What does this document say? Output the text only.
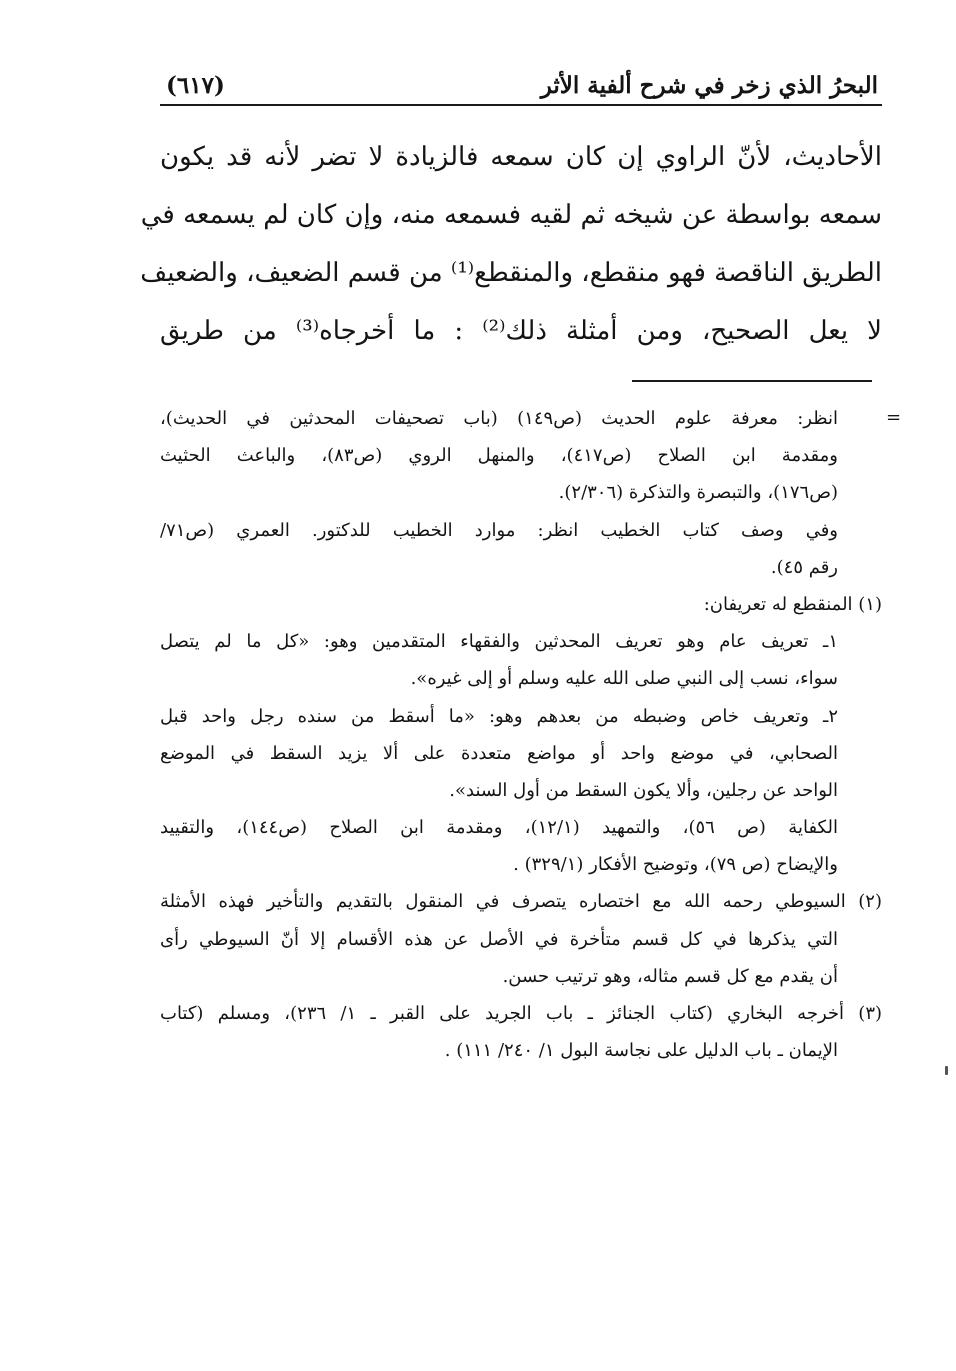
البحرُ الذي زخر في شرح ألفية الأثر
(٦١٧)
الأحاديث، لأنّ الراوي إن كان سمعه فالزيادة لا تضر لأنه قد يكون
سمعه بواسطة عن شيخه ثم لقيه فسمعه منه، وإن كان لم يسمعه في
الطريق الناقصة فهو منقطع، والمنقطع⁽¹⁾ من قسم الضعيف، والضعيف
لا يعل الصحيح، ومن أمثلة ذلك⁽²⁾ : ما أخرجاه⁽³⁾ من طريق
=
انظر: معرفة علوم الحديث (ص١٤٩) (باب تصحيفات المحدثين في الحديث)،
ومقدمة ابن الصلاح (ص٤١٧)، والمنهل الروي (ص٨٣)، والباعث الحثيث
(ص١٧٦)، والتبصرة والتذكرة (٢/٣٠٦).
وفي وصف كتاب الخطيب انظر: موارد الخطيب للدكتور. العمري (ص٧١/
رقم ٤٥).
(١) المنقطع له تعريفان:
١ـ تعريف عام وهو تعريف المحدثين والفقهاء المتقدمين وهو: «كل ما لم يتصل
سواء، نسب إلى النبي صلى الله عليه وسلم أو إلى غيره».
٢ـ وتعريف خاص وضبطه من بعدهم وهو: «ما أسقط من سنده رجل واحد قبل
الصحابي، في موضع واحد أو مواضع متعددة على ألا يزيد السقط في الموضع
الواحد عن رجلين، وألا يكون السقط من أول السند».
الكفاية (ص ٥٦)، والتمهيد (١٢/١)، ومقدمة ابن الصلاح (ص١٤٤)، والتقييد
والإيضاح (ص ٧٩)، وتوضيح الأفكار (٣٢٩/١) .
(٢) السيوطي رحمه الله مع اختصاره يتصرف في المنقول بالتقديم والتأخير فهذه الأمثلة
التي يذكرها في كل قسم متأخرة في الأصل عن هذه الأقسام إلا أنّ السيوطي رأى
أن يقدم مع كل قسم مثاله، وهو ترتيب حسن.
(٣) أخرجه البخاري (كتاب الجنائز ـ باب الجريد على القبر ـ ١/ ٢٣٦)، ومسلم (كتاب
الإيمان ـ باب الدليل على نجاسة البول ١/ ٢٤٠/ ١١١) .
